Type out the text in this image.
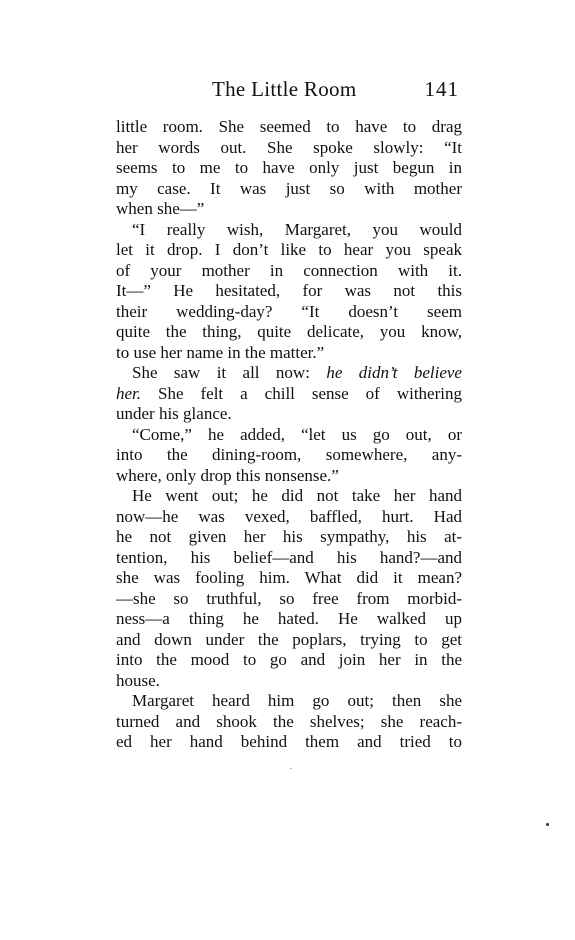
The Little Room	141
little room. She seemed to have to drag
her words out. She spoke slowly: “It
seems to me to have only just begun in
my case. It was just so with mother
when she—”
“I really wish, Margaret, you would
let it drop. I don’t like to hear you speak
of your mother in connection with it.
It—” He hesitated, for was not this
their wedding-day? “It doesn’t seem
quite the thing, quite delicate, you know,
to use her name in the matter.”
She saw it all now: he didn’t believe
her. She felt a chill sense of withering
under his glance.
“Come,” he added, “let us go out, or
into the dining-room, somewhere, any-
where, only drop this nonsense.”
He went out; he did not take her hand
now—he was vexed, baffled, hurt. Had
he not given her his sympathy, his at-
tention, his belief—and his hand?—and
she was fooling him. What did it mean?
—she so truthful, so free from morbid-
ness—a thing he hated. He walked up
and down under the poplars, trying to get
into the mood to go and join her in the
house.
Margaret heard him go out; then she
turned and shook the shelves; she reach-
ed her hand behind them and tried to
